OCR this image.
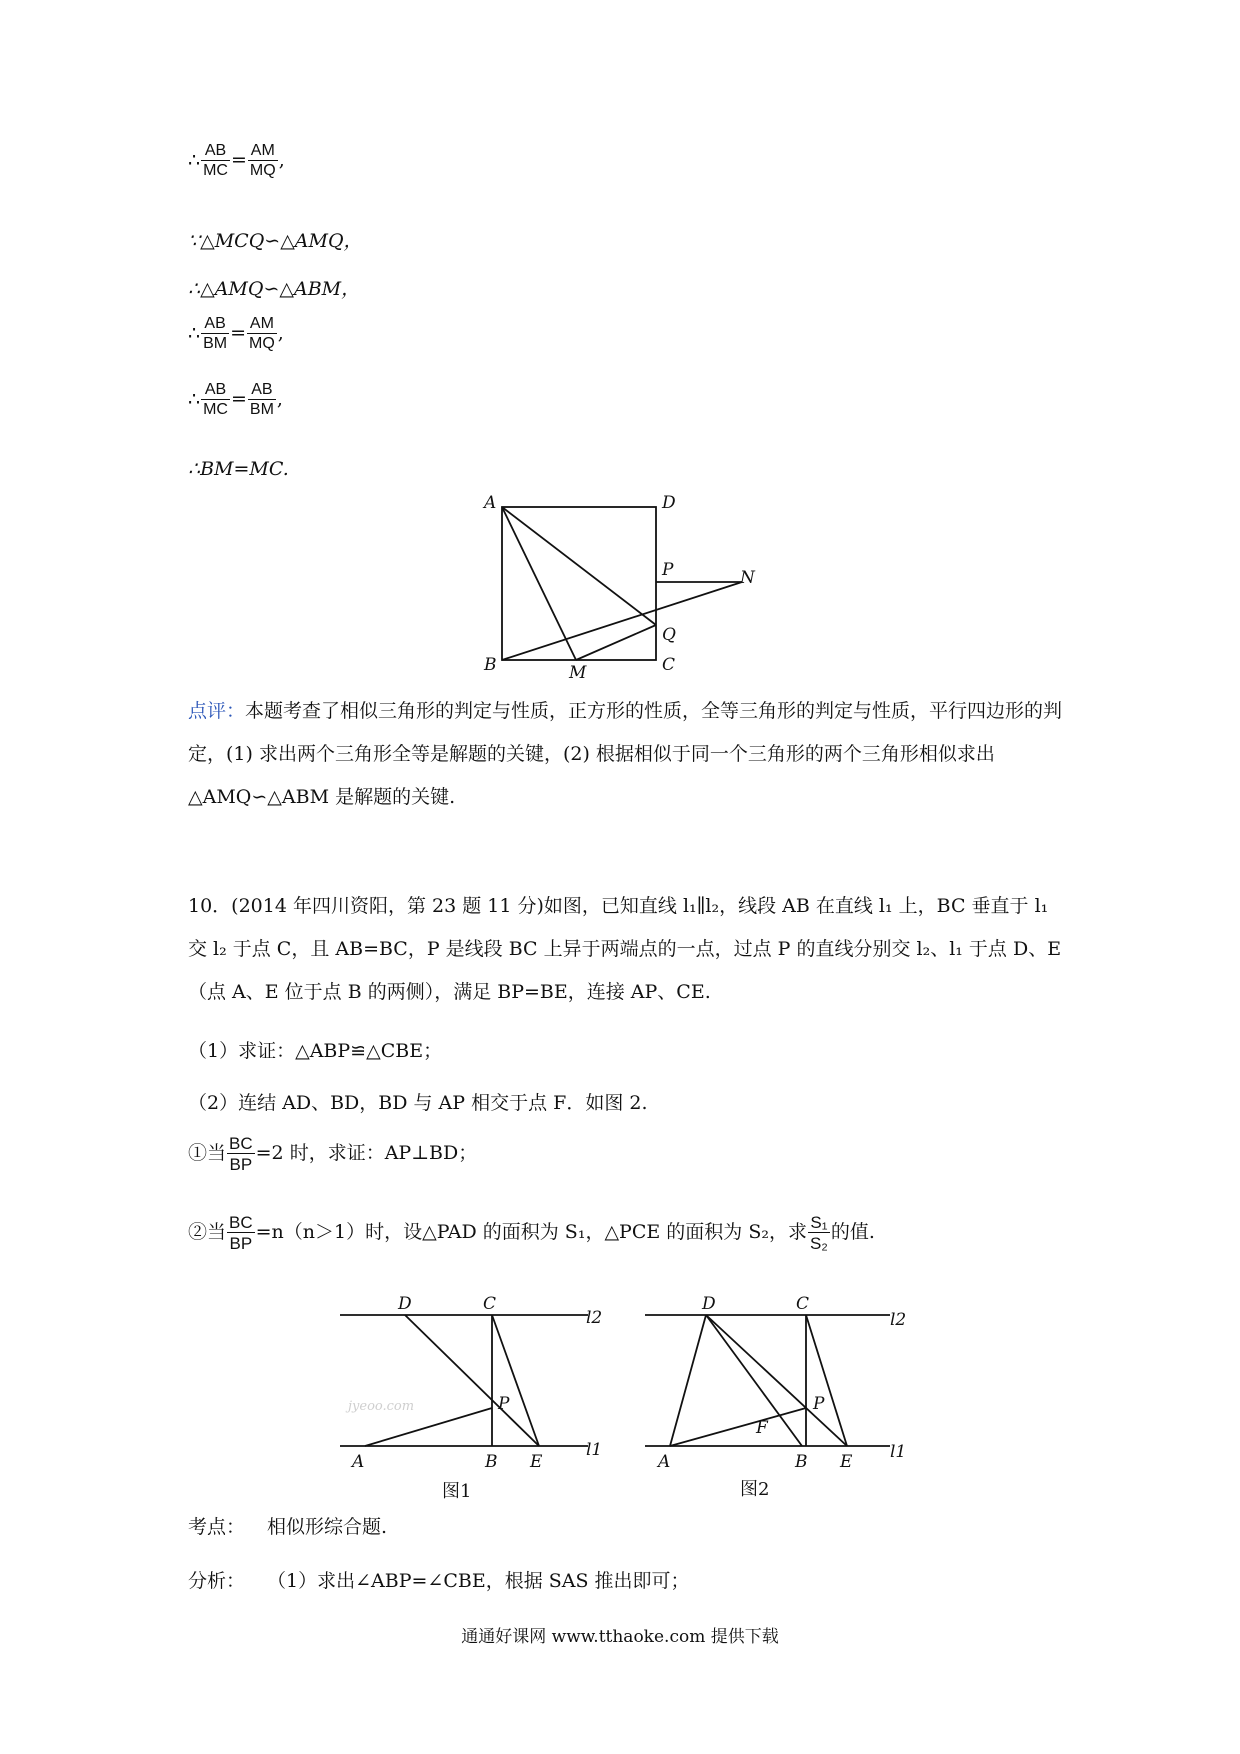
∴ $\frac{AB}{MC} = \frac{AM}{MQ}$ ,
∵△MCQ∽△AMQ，
∴△AMQ∽△ABM，
∴ $\frac{AB}{BM} = \frac{AM}{MQ}$ ,
∴ $\frac{AB}{MC} = \frac{AB}{BM}$ ,
∴BM=MC.
A	D
P	N
Q
B	M	C
点评：本题考查了相似三角形的判定与性质，正方形的性质，全等三角形的判定与性质，平行四边形的判定，(1) 求出两个三角形全等是解题的关键，(2) 根据相似于同一个三角形的两个三角形相似求出△AMQ∽△ABM 是解题的关键.
10．(2014 年四川资阳，第 23 题 11 分)如图，已知直线 l₁∥l₂，线段 AB 在直线 l₁ 上，BC 垂直于 l₁ 交 l₂ 于点 C，且 AB=BC，P 是线段 BC 上异于两端点的一点，过点 P 的直线分别交 l₂、l₁ 于点 D、E（点 A、E 位于点 B 的两侧），满足 BP=BE，连接 AP、CE.
（1）求证：△ABP≌△CBE；
（2）连结 AD、BD，BD 与 AP 相交于点 F．如图 2.
①当 $\frac{BC}{BP} =2$ 时，求证：AP⊥BD；
②当 $\frac{BC}{BP} =n(n>1)$时，设△PAD 的面积为 S₁，△PCE 的面积为 S₂，求 $\frac{\text{S₁}}{\text{S₂}}$ 的值.
D	C
l2
P
A	B E
l1
jyeoo.com
图1
D	C
l2
P
F
A	B E l1
图2
考点： 相似形综合题.
分析： （1）求出∠ABP=∠CBE，根据 SAS 推出即可；
通通好课网 www.tthaoke.com 提供下载
